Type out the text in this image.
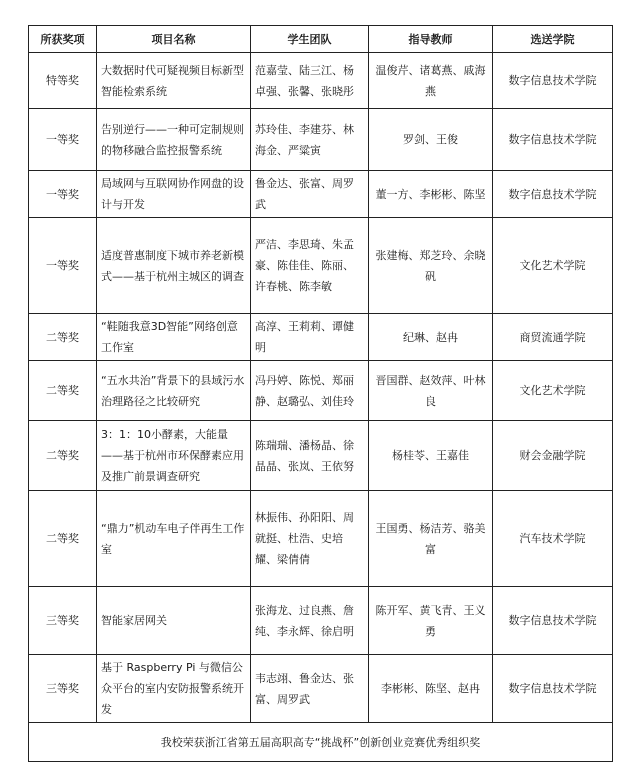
所获奖项	项目名称	学生团队	指导教师	选送学院
特等奖	大数据时代可疑视频目标新型智能检索系统	范嘉莹、陆三江、杨卓强、张馨、张晓彤	温俊芹、诸葛燕、戚海燕	数字信息技术学院
一等奖	告别逆行——一种可定制规则的物移融合监控报警系统	苏玲佳、李建芬、林海金、严粱寅	罗剑、王俊	数字信息技术学院
一等奖	局域网与互联网协作网盘的设计与开发	鲁金达、张富、周罗武	董一方、李彬彬、陈坚	数字信息技术学院
一等奖	适度普惠制度下城市养老新模式——基于杭州主城区的调查	严洁、李思琦、朱孟豪、陈佳佳、陈丽、许春桃、陈李敏	张建梅、郑芝玲、余晓矾	文化艺术学院
二等奖	“鞋随我意3D智能”网络创意工作室	高淳、王莉莉、谭健明	纪琳、赵冉	商贸流通学院
二等奖	“五水共治”背景下的县域污水治理路径之比较研究	冯丹婷、陈悦、郑丽静、赵璐弘、刘佳玲	晋国群、赵效萍、叶林良	文化艺术学院
二等奖	3：1：10小酵素，大能量——基于杭州市环保酵素应用及推广前景调查研究	陈瑞瑞、潘杨晶、徐晶晶、张岚、王依努	杨桂苓、王嘉佳	财会金融学院
二等奖	“鼎力”机动车电子伴再生工作室	林振伟、孙阳阳、周就挺、杜浩、史培耀、梁倩倩	王国勇、杨洁芳、骆美富	汽车技术学院
三等奖	智能家居网关	张海龙、过良燕、詹纯、李永辉、徐启明	陈开军、黄飞青、王义勇	数字信息技术学院
三等奖	基于 Raspberry Pi 与微信公众平台的室内安防报警系统开发	韦志翊、鲁金达、张富、周罗武	李彬彬、陈坚、赵冉	数字信息技术学院
我校荣获浙江省第五届高职高专“挑战杯”创新创业竞赛优秀组织奖				
